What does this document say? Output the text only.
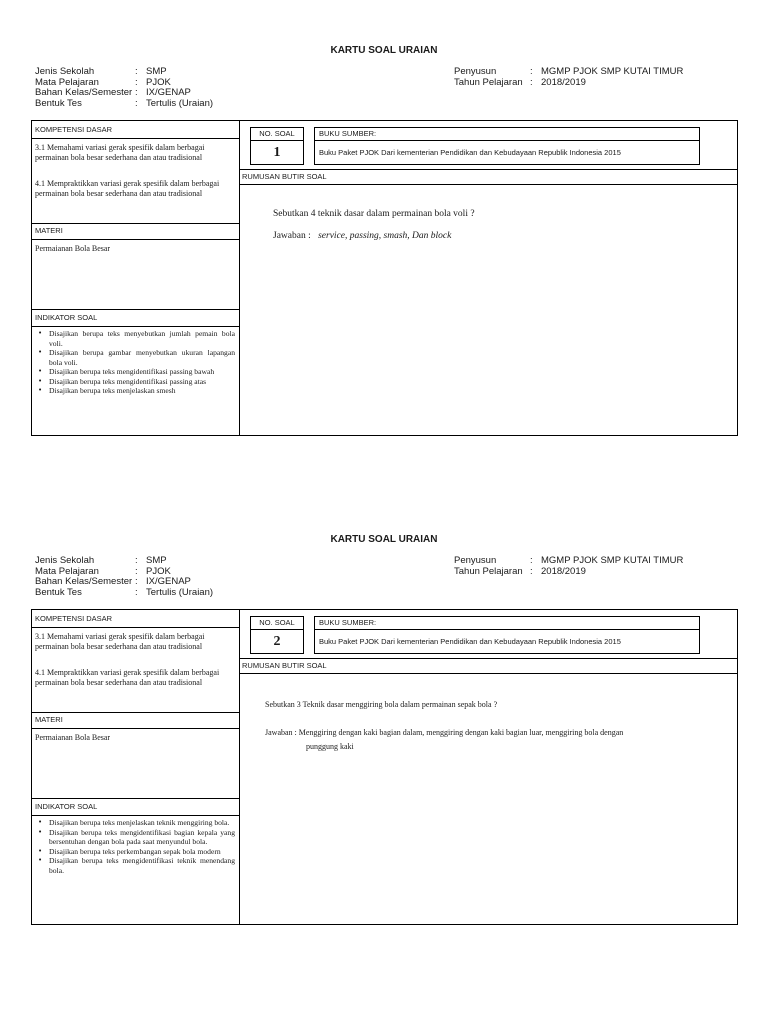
KARTU SOAL URAIAN
Jenis Sekolah	: SMP
Mata Pelajaran	: PJOK
Bahan Kelas/Semester : IX/GENAP
Bentuk Tes	: Tertulis (Uraian)
Penyusun	: MGMP PJOK SMP KUTAI TIMUR
Tahun Pelajaran : 2018/2019
KOMPETENSI DASAR
3.1 Memahami variasi gerak spesifik dalam berbagai permainan bola besar sederhana dan atau tradisional
4.1 Mempraktikkan variasi gerak spesifik dalam berbagai permainan bola besar sederhana dan atau tradisional
MATERI
Permaianan Bola Besar
INDIKATOR SOAL
• Disajikan berupa teks menyebutkan jumlah pemain bola voli.
• Disajikan berupa gambar menyebutkan ukuran lapangan bola voli.
• Disajikan berupa teks mengidentifikasi passing bawah
• Disajikan berupa teks mengidentifikasi passing atas
• Disajikan berupa teks menjelaskan smesh
NO. SOAL
1
BUKU SUMBER:
Buku Paket PJOK Dari kementerian Pendidikan dan Kebudayaan Republik Indonesia 2015
RUMUSAN BUTIR SOAL
Sebutkan 4 teknik dasar dalam permainan bola voli ?
Jawaban : service, passing, smash, Dan block
KARTU SOAL URAIAN
Jenis Sekolah	: SMP
Mata Pelajaran	: PJOK
Bahan Kelas/Semester : IX/GENAP
Bentuk Tes	: Tertulis (Uraian)
Penyusun	: MGMP PJOK SMP KUTAI TIMUR
Tahun Pelajaran : 2018/2019
KOMPETENSI DASAR
3.1 Memahami variasi gerak spesifik dalam berbagai permainan bola besar sederhana dan atau tradisional
4.1 Mempraktikkan variasi gerak spesifik dalam berbagai permainan bola besar sederhana dan atau tradisional
MATERI
Permaianan Bola Besar
INDIKATOR SOAL
• Disajikan berupa teks menjelaskan teknik menggiring bola.
• Disajikan berupa teks mengidentifikasi bagian kepala yang bersentuhan dengan bola pada saat menyundul bola.
• Disajikan berupa teks perkembangan sepak bola modern
• Disajikan berupa teks mengidentifikasi teknik menendang bola.
NO. SOAL
2
BUKU SUMBER:
Buku Paket PJOK Dari kementerian Pendidikan dan Kebudayaan Republik Indonesia 2015
RUMUSAN BUTIR SOAL
Sebutkan 3 Teknik dasar menggiring bola dalam permainan sepak bola ?
Jawaban : Menggiring dengan kaki bagian dalam, menggiring dengan kaki bagian luar, menggiring bola dengan
punggung kaki
